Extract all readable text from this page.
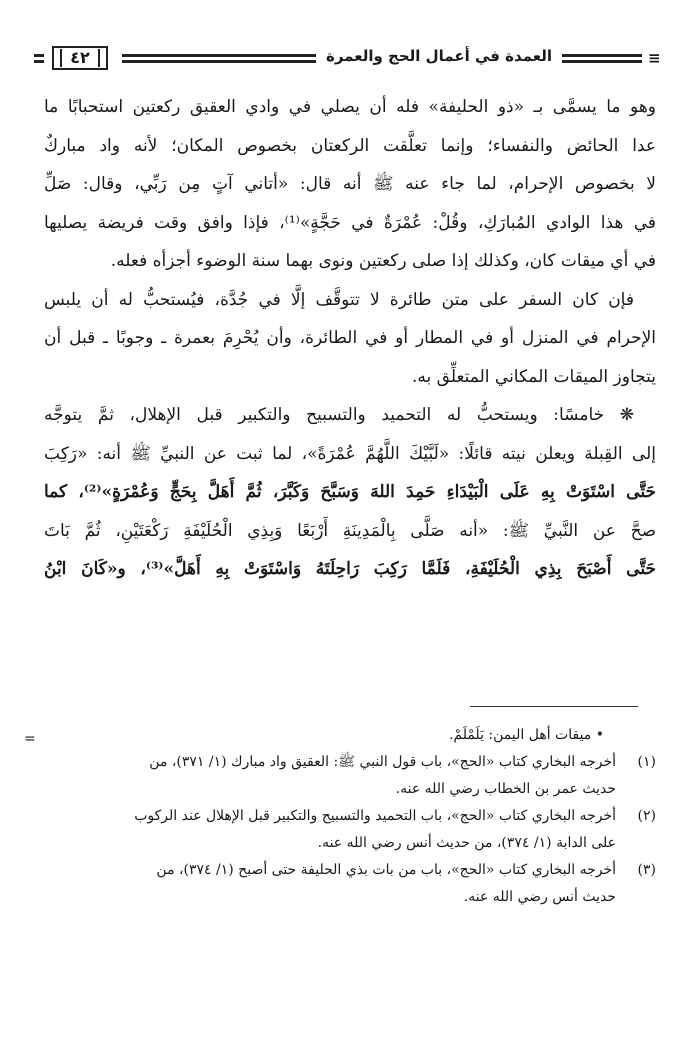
٤٢	العمدة في أعمال الحج والعمرة	≡
وهو ما يسمَّى بـ «ذو الحليفة» فله أن يصلي في وادي العقيق ركعتين استحبابًا ما
عدا الحائض والنفساء؛ وإنما تعلَّقت الركعتان بخصوص المكان؛ لأنه واد مباركٌ
لا بخصوص الإحرام، لما جاء عنه ﷺ أنه قال: «أتاني آتٍ مِن رَبِّي، وقال: صَلِّ
في هذا الوادي المُبارَكِ، وقُلْ: عُمْرَةٌ في حَجَّةٍ»⁽¹⁾، فإذا وافق وقت فريضة يصليها
في أي ميقات كان، وكذلك إذا صلى ركعتين ونوى بهما سنة الوضوء أجزأه فعله.
فإن كان السفر على متن طائرة لا تتوقَّف إلَّا في جُدَّة، فيُستحبُّ له أن يلبس
الإحرام في المنزل أو في المطار أو في الطائرة، وأن يُحْرِمَ بعمرة ـ وجوبًا ـ قبل أن
يتجاوز الميقات المكاني المتعلِّق به.
❋ خامسًا: ويستحبُّ له التحميد والتسبيح والتكبير قبل الإهلال، ثمَّ يتوجَّه
إلى القِبلة ويعلن نيته قائلًا: «لَبَّيْكَ اللَّهُمَّ عُمْرَةً»، لما ثبت عن النبيِّ ﷺ أنه: «رَكِبَ
حَتَّى اسْتَوَتْ بِهِ عَلَى الْبَيْدَاءِ حَمِدَ اللهَ وَسَبَّحَ وَكَبَّرَ، ثُمَّ أَهَلَّ بِحَجٍّ وَعُمْرَةٍ»⁽²⁾، كما
صحَّ عن النَّبيِّ ﷺ: «أنه صَلَّى بِالْمَدِينَةِ أَرْبَعًا وَبِذِي الْحُلَيْفَةِ رَكْعَتَيْنِ، ثُمَّ بَاتَ
حَتَّى أَصْبَحَ بِذِي الْحُلَيْفَةِ، فَلَمَّا رَكِبَ رَاحِلَتَهُ وَاسْتَوَتْ بِهِ أَهَلَّ»⁽³⁾، و«كَانَ ابْنُ
=	• ميقات أهل اليمن: يَلَمْلَمْ.
(١)
أخرجه البخاري كتاب «الحج»، باب قول النبي ﷺ: العقيق واد مبارك (١/ ٣٧١)، من
حديث عمر بن الخطاب رضي الله عنه.
(٢)
أخرجه البخاري كتاب «الحج»، باب التحميد والتسبيح والتكبير قبل الإهلال عند الركوب
على الدابة (١/ ٣٧٤)، من حديث أنس رضي الله عنه.
(٣)
أخرجه البخاري كتاب «الحج»، باب من بات بذي الحليفة حتى أصبح (١/ ٣٧٤)، من
حديث أنس رضي الله عنه.
